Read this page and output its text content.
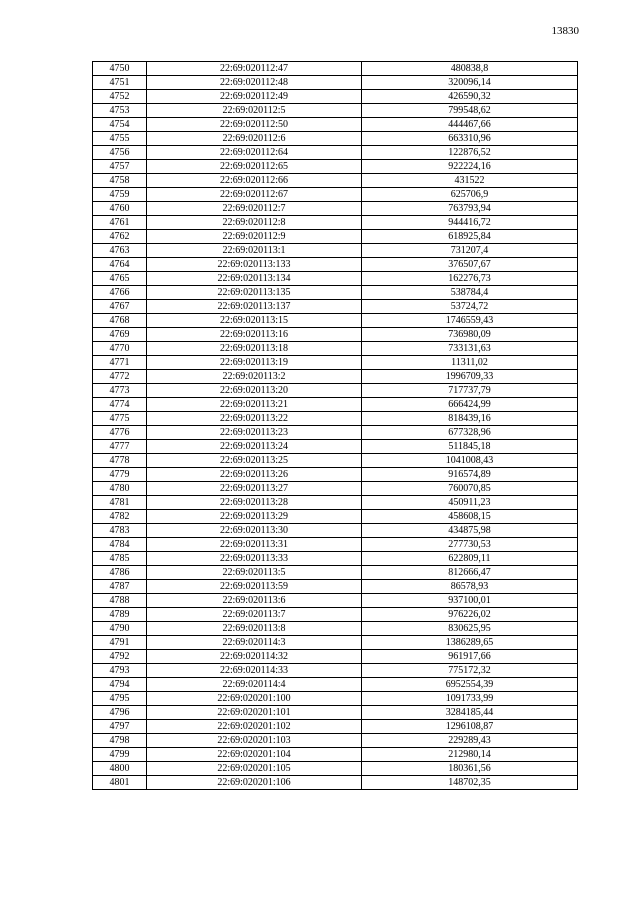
13830
4750	22:69:020112:47	480838,8
4751	22:69:020112:48	320096,14
4752	22:69:020112:49	426590,32
4753	22:69:020112:5	799548,62
4754	22:69:020112:50	444467,66
4755	22:69:020112:6	663310,96
4756	22:69:020112:64	122876,52
4757	22:69:020112:65	922224,16
4758	22:69:020112:66	431522
4759	22:69:020112:67	625706,9
4760	22:69:020112:7	763793,94
4761	22:69:020112:8	944416,72
4762	22:69:020112:9	618925,84
4763	22:69:020113:1	731207,4
4764	22:69:020113:133	376507,67
4765	22:69:020113:134	162276,73
4766	22:69:020113:135	538784,4
4767	22:69:020113:137	53724,72
4768	22:69:020113:15	1746559,43
4769	22:69:020113:16	736980,09
4770	22:69:020113:18	733131,63
4771	22:69:020113:19	11311,02
4772	22:69:020113:2	1996709,33
4773	22:69:020113:20	717737,79
4774	22:69:020113:21	666424,99
4775	22:69:020113:22	818439,16
4776	22:69:020113:23	677328,96
4777	22:69:020113:24	511845,18
4778	22:69:020113:25	1041008,43
4779	22:69:020113:26	916574,89
4780	22:69:020113:27	760070,85
4781	22:69:020113:28	450911,23
4782	22:69:020113:29	458608,15
4783	22:69:020113:30	434875,98
4784	22:69:020113:31	277730,53
4785	22:69:020113:33	622809,11
4786	22:69:020113:5	812666,47
4787	22:69:020113:59	86578,93
4788	22:69:020113:6	937100,01
4789	22:69:020113:7	976226,02
4790	22:69:020113:8	830625,95
4791	22:69:020114:3	1386289,65
4792	22:69:020114:32	961917,66
4793	22:69:020114:33	775172,32
4794	22:69:020114:4	6952554,39
4795	22:69:020201:100	1091733,99
4796	22:69:020201:101	3284185,44
4797	22:69:020201:102	1296108,87
4798	22:69:020201:103	229289,43
4799	22:69:020201:104	212980,14
4800	22:69:020201:105	180361,56
4801	22:69:020201:106	148702,35
